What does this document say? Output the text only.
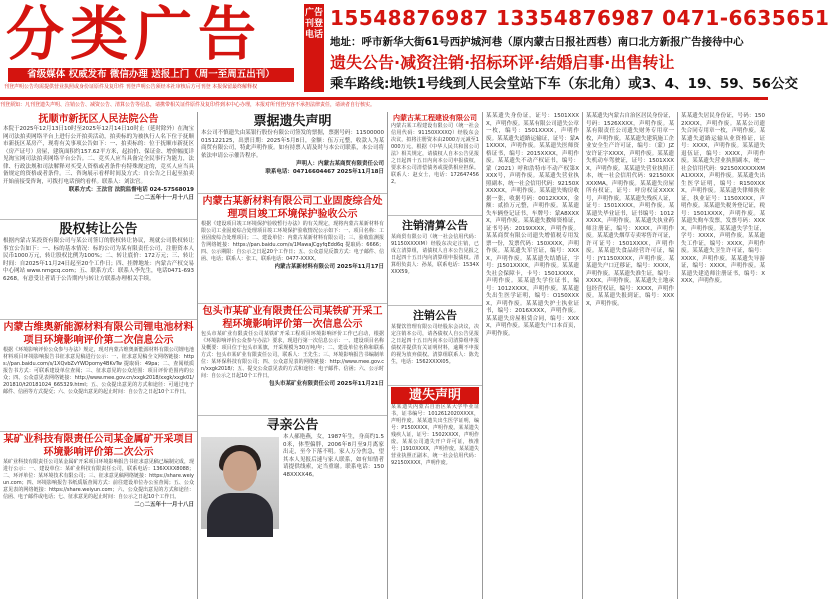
分类广告
省级媒体 权威发布 微信办理 送报上门（周一至周五出刊）
刊登声明公告均需提供营业执照或身份证原件及复印件 刊登声明公告须经本社审核后方可刊登 本报保留最终解释权
广告刊登电话
15548876987 13354876987 0471-6635651
地址：呼市新华大街61号西护城河巷（原内蒙古日报社西巷）南口北方新报广告接待中心
遗失公告·减资注销·招标环评·结婚启事·出售转让
乘车路线:地铁1号线到人民会堂站下车（东北角）或3、4、19、59、56公交
刊登须知：凡刊登遗失声明、注销公告、减资公告、清算公告等信息，请携带相关证件原件及复印件到本中心办理，本报对所刊登内容不承担法律责任，请读者自行核实。
抚顺市新抚区人民法院公告
本院于2025年12月13日10时至2025年12月14日10时止（延时除外）在淘宝网司法拍卖网络平台上进行公开拍卖活动，拍卖标的为被执行人名下位于抚顺市新抚区某房产，现将有关事项公告如下：一、拍卖标的：位于抚顺市新抚区（房产证号）房屋，建筑面积约157.62平方米，起拍价、保证金、增价幅度详见淘宝网司法拍卖网络平台公告。二、竞买人应当具备完全民事行为能力，法律、行政法规和司法解释对买受人资格或者条件有特殊规定的，竞买人应当具备规定的资格或者条件。三、咨询展示看样时间及方式：自公告之日起至拍卖开始前接受咨询，可拨打电话预约看样。联系人：刘法官。
联系方式：王法官 法院监督电话 024-57568019
二○二五年十一月十八日
股权转让公告
根据内蒙古某投资有限公司与某公司签订的股权转让协议，现就公司股权转让事宜公告如下：一、标的基本情况：标的公司为某有限责任公司，注册资本人民币1000万元，转让股权比例为100%；二、转让底价：172万元；三、转让时间：自2025年11月24日起至20个工作日；四、挂牌地址：内蒙古产权交易中心网站 www.nmgcq.com；五、联系方式：联系人李先生，电话0471-6936268。有意受让者请于公告期内与转让方联系办理相关手续。
内蒙古维奥新能源材料有限公司锂电池材料项目环境影响评价第二次信息公示
根据《环境影响评价公众参与办法》规定，现对内蒙古维奥新能源材料有限公司锂电池材料项目环境影响报告书征求意见稿进行公示：一、征求意见稿全文网络链接：https://pan.baidu.com/s/1XQvbZvYWDpomy4BKvTw 提取码：49pa；二、查阅纸质报告书方式：可联系建设单位查阅；三、征求意见的公众范围：项目评价范围内的公众；四、公众意见表网络链接：http://www.mee.gov.cn/xxgk2018/xxgk/xxgk01/201810/t20181024_665329.html；五、公众提出意见的方式和途径：可通过电子邮件、信函等方式提交；六、公众提出意见的起止时间：自公告之日起10个工作日。
某矿业科技有限责任公司某金属矿开采项目环境影响评价第二次公示
某矿业科技有限责任公司某金属矿开采项目环境影响报告书征求意见稿已编制完成，现进行公示：一、建设单位：某矿业科技有限责任公司，联系电话：136XXXX8088；二、环评单位：某环境技术有限公司；三、征求意见稿网络链接：https://share.weiyun.com；四、环境影响报告书纸质版查阅方式：前往建设单位办公室查阅；五、公众意见表的网络链接：https://share.weiyun.com；六、公众提出意见的方式和途径：信函、电子邮件或电话；七、征求意见的起止时间：自公示之日起10个工作日。
二○二五年十一月十八日
票据遗失声明
本公司不慎遗失由某银行股份有限公司签发的票据，票据号码：11500000015122125，出票日期：2025年5月8日，金额：伍万元整，收款人为某商贸有限公司，特此声明作废。如有持票人请及时与本公司联系，本公司将依法申请公示催告程序。
声明人：内蒙古某商贸有限责任公司
联系电话：04716604467 2025年11月18日
内蒙古某新材料有限公司工业固废综合处理项目竣工环境保护验收公示
根据《建设项目竣工环境保护验收暂行办法》的有关规定，现将内蒙古某新材料有限公司工业固废综合处理项目竣工环境保护验收情况公示如下：一、项目名称：工业固废综合处理项目；二、建设单位：内蒙古某新材料有限公司；三、验收监测报告网络链接：https://pan.baidu.com/s/1MawaJCgyfqEdd6q 提取码：6666；四、公示期限：自公示之日起20个工作日；五、公众意见反馈方式：电子邮件、信函、电话；联系人：张工，联系电话：0477-XXXX。
内蒙古某新材料有限公司 2025年11月17日
包头市某矿业有限责任公司某铁矿开采工程环境影响评价第一次信息公示
包头市某矿业有限责任公司某铁矿开采工程项目环境影响评价工作已启动，根据《环境影响评价公众参与办法》要求，现进行第一次信息公示：一、建设项目名称及概要：项目位于包头市某旗，开采规模为30万吨/年；二、建设单位名称和联系方式：包头市某矿业有限责任公司，联系人：王先生；三、环境影响报告书编制单位：某环保科技有限公司；四、公众意见表的网络链接：http://www.mee.gov.cn/xxgk2018/；五、提交公众意见表的方式和途径：电子邮件、信函；六、公示时间：自公示之日起10个工作日。
包头市某矿业有限责任公司 2025年11月21日
寻亲公告
本人郝艳燕，女，1987年生，身高约1.50米，体型偏胖，2006年8月至9月离家出走，至今下落不明。家人万分焦急，望其本人见报后速与家人联系，如有知情者请提供线索，定当重谢。联系电话：15048XXXX46。
内蒙古某工程建设有限公司
内蒙古某工程建设有限公司（统一社会信用代码：91150XXXXQ）经股东会决议，拟将注册资本由2000万元减至1000万元，根据《中华人民共和国公司法》相关规定，请债权人自本公告见报之日起四十五日内向本公司申报债权，要求本公司清偿债务或提供相应担保。联系人：赵女士，电话：1726474562。
注销清算公告
某商贸有限公司（统一社会信用代码：91150XXXXM）经股东决定注销，已成立清算组，请债权人自本公告见报之日起四十五日内向清算组申报债权。清算组负责人：孙某，联系电话：1534XXXX59。
注销公告
某餐饮管理有限公司经股东会决议，决定注销本公司，请各债权人自公告见报之日起四十五日内向本公司清算组申报债权并提供有关证明材料，逾期不申报的视为放弃债权。清算组联系人：陈先生，电话：1562XXXX05。
遗失声明
某某遗失内蒙古自治区某大学毕业证书，证书编号：1012612020XXXX，声明作废。某某遗失出生医学证明，编号：P150XXXX，声明作废。某某遗失残疾人证，证号：1502XXXX，声明作废。某某公司遗失开户许可证，核准号：J1910XXXX，声明作废。某某遗失营业执照正副本，统一社会信用代码：92150XXXX，声明作废。
某某遗失身份证，证号：1501XXXX，声明作废。某某有限公司遗失公章一枚，编号：1501XXXX，声明作废。某某遗失道路运输证，证号：蒙A1XXXX，声明作废。某某遗失医师资格证书，编号：2015XXXX，声明作废。某某遗失不动产权证书，编号：蒙（2021）呼和浩特市不动产权第XXXX号，声明作废。某某遗失营业执照副本，统一社会信用代码：92150XXXXXX，声明作废。某某遗失购房收据一张，收据号码：0012XXXX，金额：贰拾万元整，声明作废。某某遗失车辆登记证书，车牌号：蒙A8XXXX，声明作废。某某遗失教师资格证，证书号码：2019XXXX，声明作废。某某商贸有限公司遗失增值税专用发票一份，发票代码：150XXXX，声明作废。某某遗失军官证，编号：XXXX，声明作废。某某遗失结婚证，字号：J1501XXXX，声明作废。某某遗失社会保障卡，卡号：1501XXXX，声明作废。某某遗失学位证书，编号：1012XXXX，声明作废。某某遗失出生医学证明，编号：O150XXXX，声明作废。某某遗失护士执业证书，编号：2016XXXX，声明作废。某某遗失房屋租赁合同，编号：XXXX，声明作废。某某遗失户口本首页，声明作废。
某某遗失内蒙古自治区居民身份证，号码：1526XXXX，声明作废。某某有限责任公司遗失财务专用章一枚，声明作废。某某遗失建筑施工企业安全生产许可证，编号：（蒙）JZ安许证字XXXX，声明作废。某某遗失机动车驾驶证，证号：1501XXXX，声明作废。某某遗失营业执照正本，统一社会信用代码：92150XXXXXMA，声明作废。某某遗失房屋所有权证，证号：呼房权证XXXX号，声明作废。某某遗失残疾人证，证号：1501XXXX，声明作废。某某遗失毕业证书，证书编号：1012XXXX，声明作废。某某遗失执业药师注册证，编号：XXXX，声明作废。某某遗失烟草专卖零售许可证，许可证号：1501XXXX，声明作废。某某遗失食品经营许可证，编号：JY1150XXXX，声明作废。某某遗失户口迁移证，编号：XXXX，声明作废。某某遗失准生证，编号：XXXX，声明作废。某某遗失土地承包经营权证，编号：XXXX，声明作废。某某遗失报到证，编号：XXXX，声明作废。
某某遗失居民身份证，号码：1502XXXX，声明作废。某某公司遗失合同专用章一枚，声明作废。某某遗失道路运输从业资格证，证号：XXXX，声明作废。某某遗失退伍证，编号：XXXX，声明作废。某某遗失营业执照副本，统一社会信用代码：92150XXXXXXMA1XXXX，声明作废。某某遗失出生医学证明，编号：R150XXXX，声明作废。某某遗失律师执业证，执业证号：1150XXXX，声明作废。某某遗失税务登记证，税号：1501XXXX，声明作废。某某遗失购车发票，发票号码：XXXX，声明作废。某某遗失学生证，学号：XXXX，声明作废。某某遗失工作证，编号：XXXX，声明作废。某某遗失卫生许可证，编号：XXXX，声明作废。某某遗失导游证，编号：XXXX，声明作废。某某遗失建造师注册证书，编号：XXXX，声明作废。
